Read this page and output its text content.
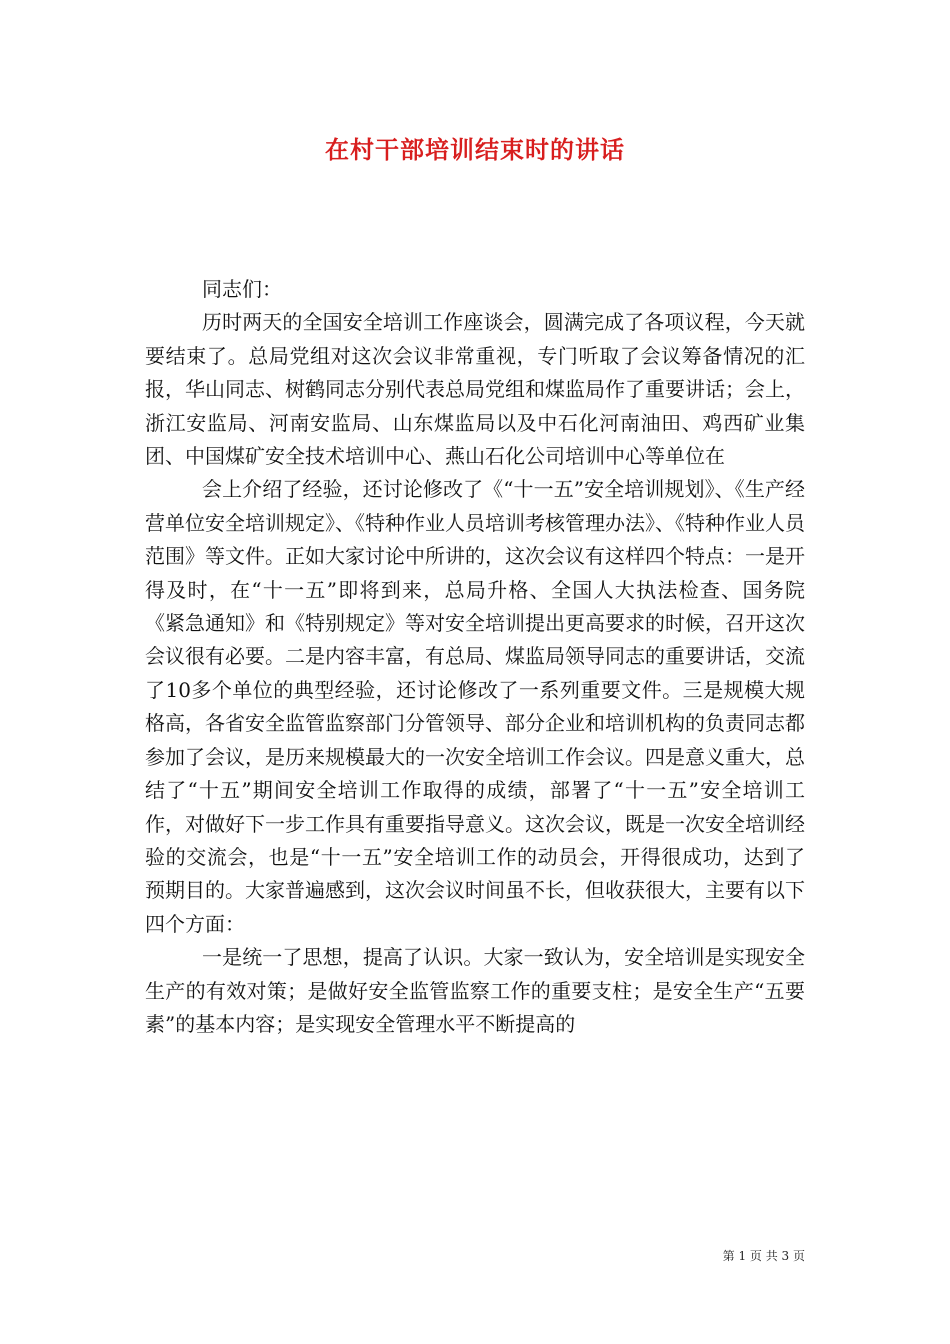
在村干部培训结束时的讲话

同志们：

历时两天的全国安全培训工作座谈会，圆满完成了各项议程，今天就要结束了。总局党组对这次会议非常重视，专门听取了会议筹备情况的汇报，华山同志、树鹤同志分别代表总局党组和煤监局作了重要讲话；会上，浙江安监局、河南安监局、山东煤监局以及中石化河南油田、鸡西矿业集团、中国煤矿安全技术培训中心、燕山石化公司培训中心等单位在

会上介绍了经验，还讨论修改了《“十一五”安全培训规划》、《生产经营单位安全培训规定》、《特种作业人员培训考核管理办法》、《特种作业人员范围》等文件。正如大家讨论中所讲的，这次会议有这样四个特点：一是开得及时，在“十一五”即将到来，总局升格、全国人大执法检查、国务院《紧急通知》和《特别规定》等对安全培训提出更高要求的时候，召开这次会议很有必要。二是内容丰富，有总局、煤监局领导同志的重要讲话，交流了10多个单位的典型经验，还讨论修改了一系列重要文件。三是规模大规格高，各省安全监管监察部门分管领导、部分企业和培训机构的负责同志都参加了会议，是历来规模最大的一次安全培训工作会议。四是意义重大，总结了“十五”期间安全培训工作取得的成绩，部署了“十一五”安全培训工作，对做好下一步工作具有重要指导意义。这次会议，既是一次安全培训经验的交流会，也是“十一五”安全培训工作的动员会，开得很成功，达到了预期目的。大家普遍感到，这次会议时间虽不长，但收获很大，主要有以下四个方面：

一是统一了思想，提高了认识。大家一致认为，安全培训是实现安全生产的有效对策；是做好安全监管监察工作的重要支柱；是安全生产“五要素”的基本内容；是实现安全管理水平不断提高的

第 1 页 共 3 页
